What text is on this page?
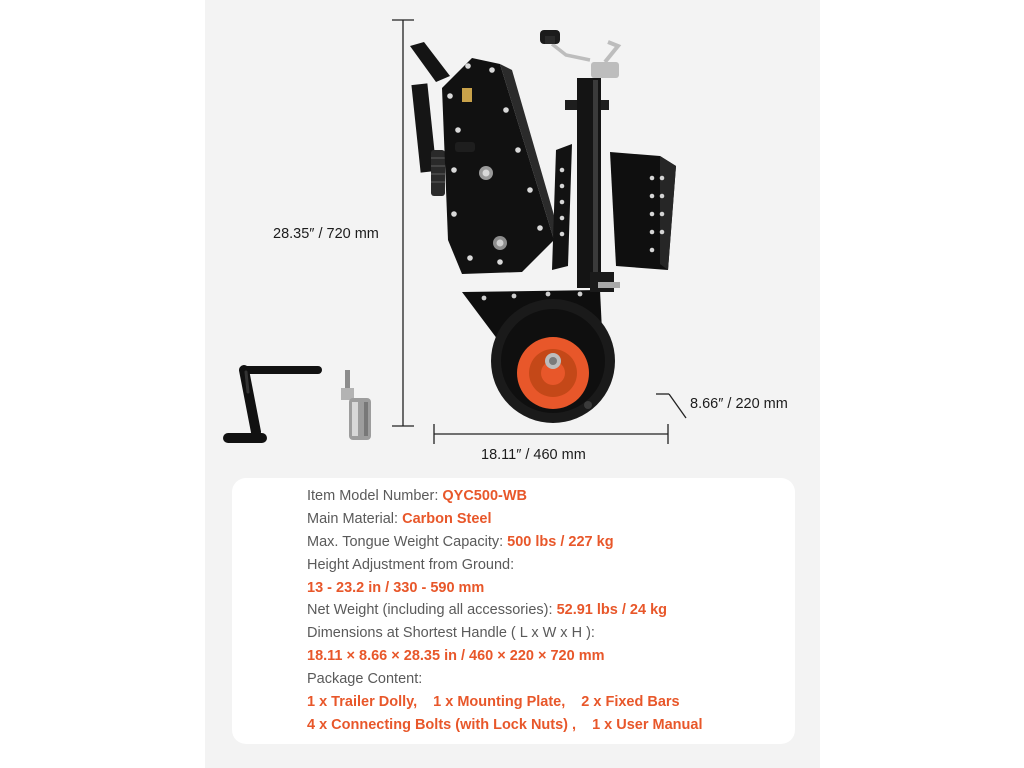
28.35″ / 720 mm
8.66″ / 220 mm
18.11″ / 460 mm
Item Model Number: QYC500-WB
Main Material: Carbon Steel
Max. Tongue Weight Capacity: 500 lbs / 227 kg
Height Adjustment from Ground:
13 - 23.2 in / 330 - 590 mm
Net Weight (including all accessories): 52.91 lbs / 24 kg
Dimensions at Shortest Handle ( L x W x H ):
18.11 × 8.66 × 28.35 in / 460 × 220 × 720 mm
Package Content:
1 x Trailer Dolly, 1 x Mounting Plate, 2 x Fixed Bars
4 x Connecting Bolts (with Lock Nuts) , 1 x User Manual
